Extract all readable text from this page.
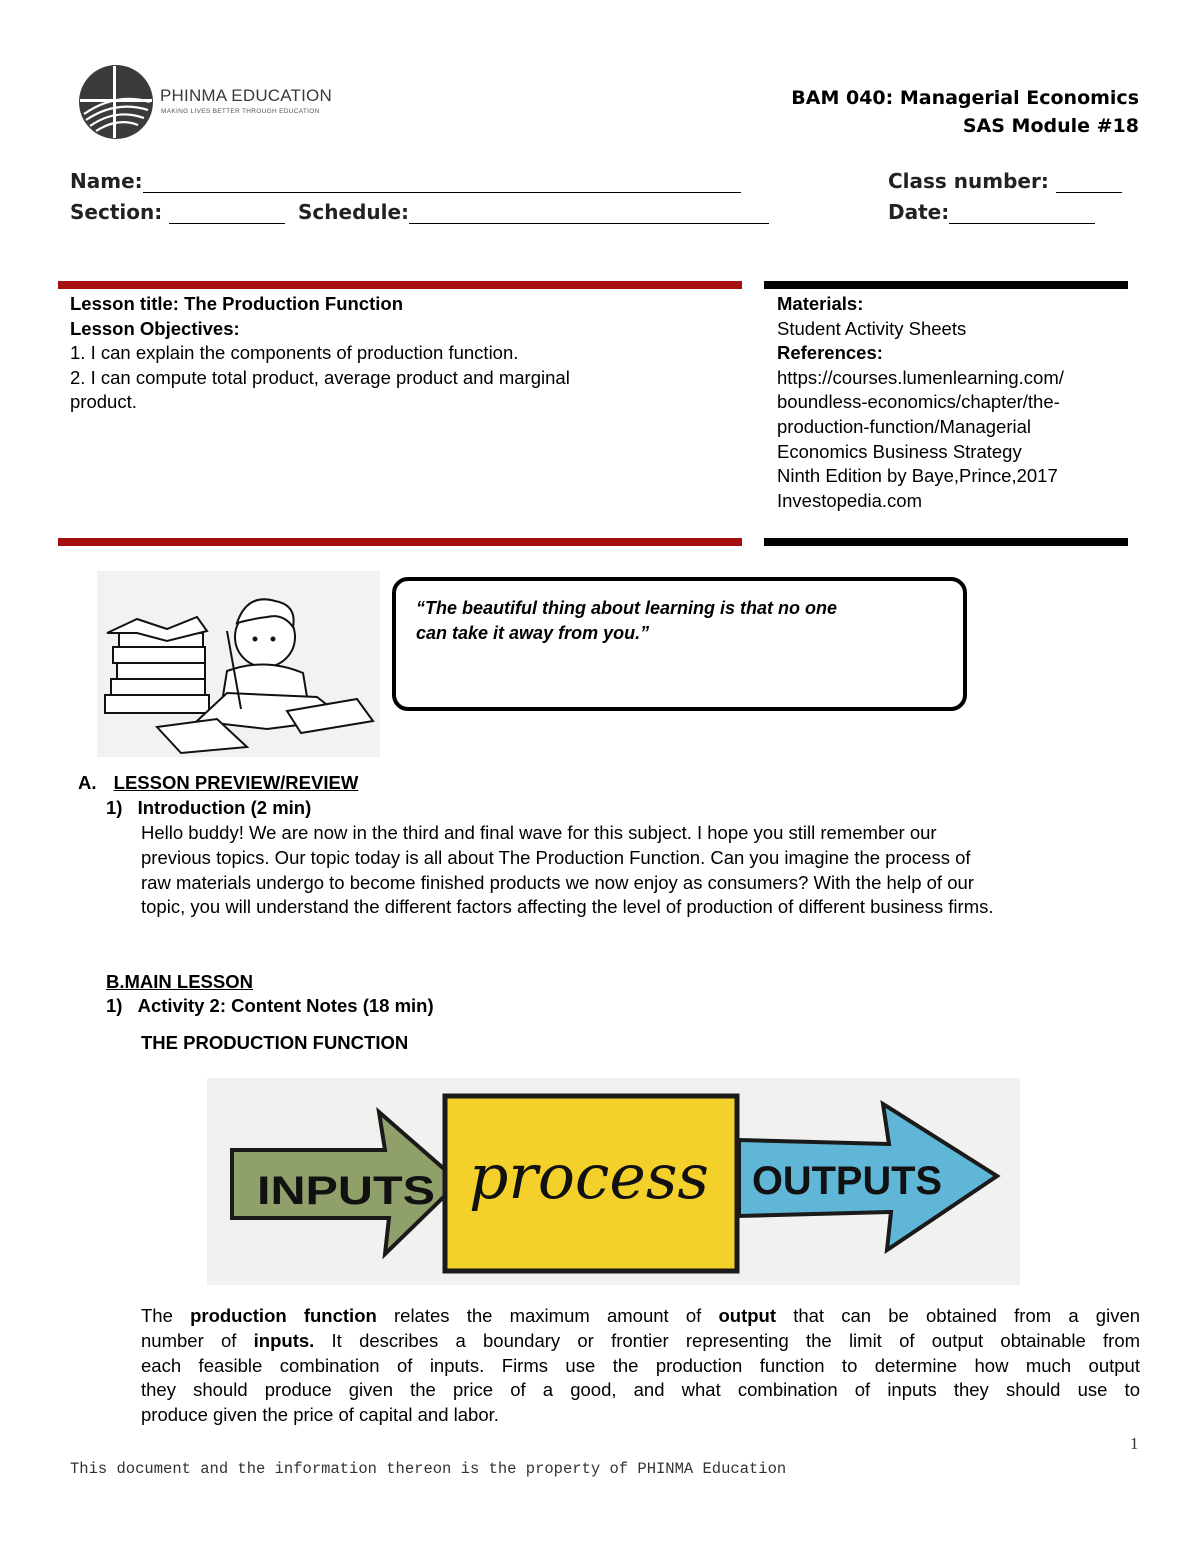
PHINMA EDUCATION
MAKING LIVES BETTER THROUGH EDUCATION
BAM 040: Managerial Economics
SAS Module #18
Name:	Class number:
Section:	Schedule:	Date:
Lesson title: The Production Function
Lesson Objectives:
1. I can explain the components of production function.
2. I can compute total product, average product and marginal
product.
Materials:
Student Activity Sheets
References:
https://courses.lumenlearning.com/
boundless-economics/chapter/the-
production-function/Managerial
Economics Business Strategy
Ninth Edition by Baye,Prince,2017
Investopedia.com
“The beautiful thing about learning is that no one
can take it away from you.”
A. LESSON PREVIEW/REVIEW
1) Introduction (2 min)
Hello buddy! We are now in the third and final wave for this subject. I hope you still remember our
previous topics. Our topic today is all about The Production Function. Can you imagine the process of
raw materials undergo to become finished products we now enjoy as consumers? With the help of our
topic, you will understand the different factors affecting the level of production of different business firms.
B.MAIN LESSON
1) Activity 2: Content Notes (18 min)
THE PRODUCTION FUNCTION
INPUTS process OUTPUTS
The production function relates the maximum amount of output that can be obtained from a given
number of inputs. It describes a boundary or frontier representing the limit of output obtainable from
each feasible combination of inputs. Firms use the production function to determine how much output
they should produce given the price of a good, and what combination of inputs they should use to
produce given the price of capital and labor.
1
This document and the information thereon is the property of PHINMA Education
